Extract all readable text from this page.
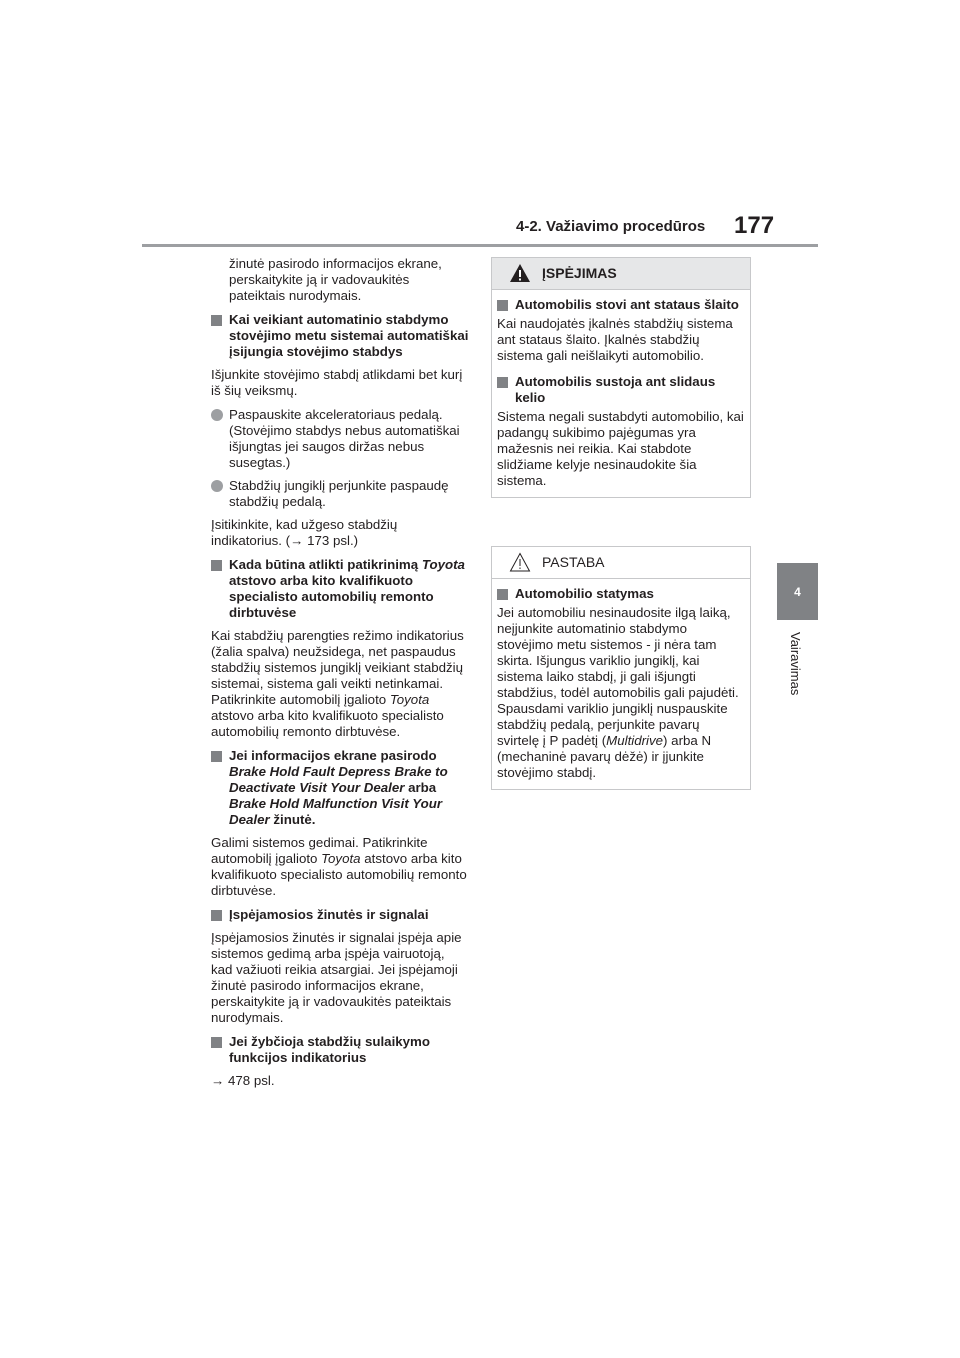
4-2. Važiavimo procedūros 177
4
Vairavimas

žinutė pasirodo informacijos ekrane, perskaitykite ją ir vadovaukitės pateiktais nurodymais.

Kai veikiant automatinio stabdymo stovėjimo metu sistemai automatiškai įsijungia stovėjimo stabdys

Išjunkite stovėjimo stabdį atlikdami bet kurį iš šių veiksmų.

Paspauskite akceleratoriaus pedalą. (Stovėjimo stabdys nebus automatiškai išjungtas jei saugos diržas nebus susegtas.)
Stabdžių jungiklį perjunkite paspaudę stabdžių pedalą.

Įsitikinkite, kad užgeso stabdžių indikatorius. (→ 173 psl.)

Kada būtina atlikti patikrinimą Toyota atstovo arba kito kvalifikuoto specialisto automobilių remonto dirbtuvėse

Kai stabdžių parengties režimo indikatorius (žalia spalva) neužsidega, net paspaudus stabdžių sistemos jungiklį veikiant stabdžių sistemai, sistema gali veikti netinkamai. Patikrinkite automobilį įgalioto Toyota atstovo arba kito kvalifikuoto specialisto automobilių remonto dirbtuvėse.

Jei informacijos ekrane pasirodo Brake Hold Fault Depress Brake to Deactivate Visit Your Dealer arba Brake Hold Malfunction Visit Your Dealer žinutė.

Galimi sistemos gedimai. Patikrinkite automobilį įgalioto Toyota atstovo arba kito kvalifikuoto specialisto automobilių remonto dirbtuvėse.

Įspėjamosios žinutės ir signalai

Įspėjamosios žinutės ir signalai įspėja apie sistemos gedimą arba įspėja vairuotoją, kad važiuoti reikia atsargiai. Jei įspėjamoji žinutė pasirodo informacijos ekrane, perskaitykite ją ir vadovaukitės pateiktais nurodymais.

Jei žybčioja stabdžių sulaikymo funkcijos indikatorius

→ 478 psl.

ĮSPĖJIMAS
Automobilis stovi ant stataus šlaito

Kai naudojatės įkalnės stabdžių sistema ant stataus šlaito. Įkalnės stabdžių sistema gali neišlaikyti automobilio.

Automobilis sustoja ant slidaus kelio

Sistema negali sustabdyti automobilio, kai padangų sukibimo pajėgumas yra mažesnis nei reikia. Kai stabdote slidžiame kelyje nesinaudokite šia sistema.

PASTABA
Automobilio statymas

Jei automobiliu nesinaudosite ilgą laiką, neįjunkite automatinio stabdymo stovėjimo metu sistemos - ji nėra tam skirta. Išjungus variklio jungiklį, kai sistema laiko stabdį, ji gali išjungti stabdžius, todėl automobilis gali pajudėti. Spausdami variklio jungiklį nuspauskite stabdžių pedalą, perjunkite pavarų svirtelę į P padėtį (Multidrive) arba N (mechaninė pavarų dėžė) ir įjunkite stovėjimo stabdį.
